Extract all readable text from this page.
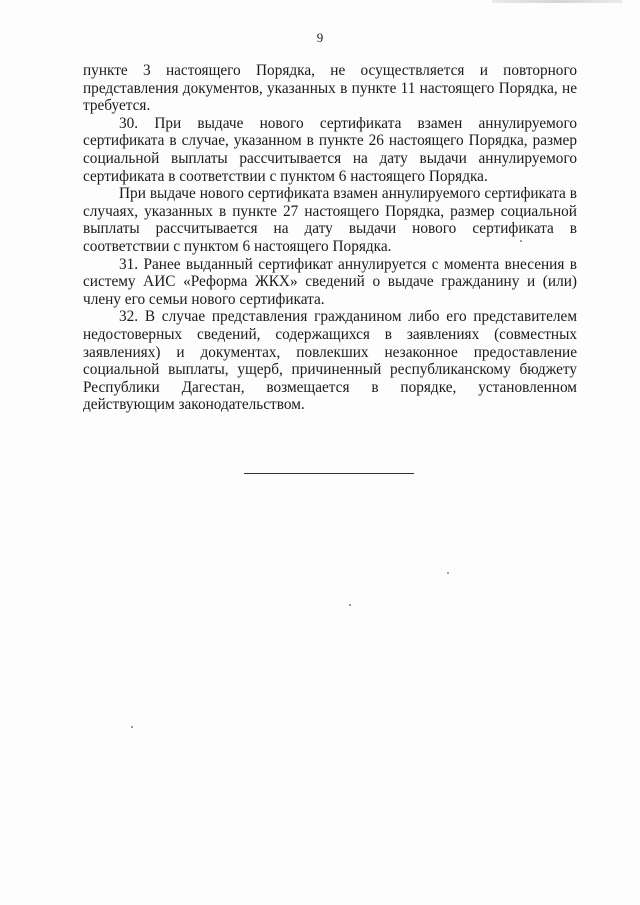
9

пункте 3 настоящего Порядка, не осуществляется и повторного представления документов, указанных в пункте 11 настоящего Порядка, не требуется.

30. При выдаче нового сертификата взамен аннулируемого сертификата в случае, указанном в пункте 26 настоящего Порядка, размер социальной выплаты рассчитывается на дату выдачи аннулируемого сертификата в соответствии с пунктом 6 настоящего Порядка.

При выдаче нового сертификата взамен аннулируемого сертификата в случаях, указанных в пункте 27 настоящего Порядка, размер социальной выплаты рассчитывается на дату выдачи нового сертификата в соответствии с пунктом 6 настоящего Порядка.

31. Ранее выданный сертификат аннулируется с момента внесения в систему АИС «Реформа ЖКХ» сведений о выдаче гражданину и (или) члену его семьи нового сертификата.

32. В случае представления гражданином либо его представителем недостоверных сведений, содержащихся в заявлениях (совместных заявлениях) и документах, повлекших незаконное предоставление социальной выплаты, ущерб, причиненный республиканскому бюджету Республики Дагестан, возмещается в порядке, установленном действующим законодательством.
